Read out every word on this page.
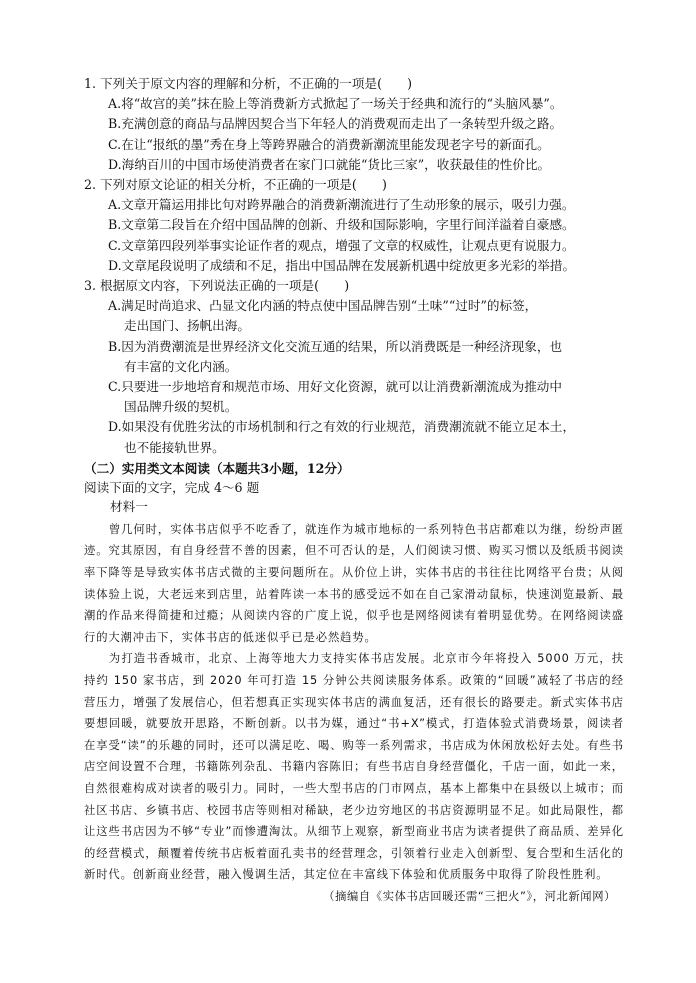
1. 下列关于原文内容的理解和分析，不正确的一项是(　　)
A.将“故宫的美”抹在脸上等消费新方式掀起了一场关于经典和流行的“头脑风暴”。
B.充满创意的商品与品牌因契合当下年轻人的消费观而走出了一条转型升级之路。
C.在让“报纸的墨”秀在身上等跨界融合的消费新潮流里能发现老字号的新面孔。
D.海纳百川的中国市场使消费者在家门口就能“货比三家”，收获最佳的性价比。
2. 下列对原文论证的相关分析，不正确的一项是(　　)
A.文章开篇运用排比句对跨界融合的消费新潮流进行了生动形象的展示，吸引力强。
B.文章第二段旨在介绍中国品牌的创新、升级和国际影响，字里行间洋溢着自豪感。
C.文章第四段列举事实论证作者的观点，增强了文章的权威性，让观点更有说服力。
D.文章尾段说明了成绩和不足，指出中国品牌在发展新机遇中绽放更多光彩的举措。
3. 根据原文内容，下列说法正确的一项是(　　)
A.满足时尚追求、凸显文化内涵的特点使中国品牌告别“土味”“过时”的标签，
走出国门、扬帆出海。
B.因为消费潮流是世界经济文化交流互通的结果，所以消费既是一种经济现象，也
有丰富的文化内涵。
C.只要进一步地培育和规范市场、用好文化资源，就可以让消费新潮流成为推动中
国品牌升级的契机。
D.如果没有优胜劣汰的市场机制和行之有效的行业规范，消费潮流就不能立足本土，
也不能接轨世界。
（二）实用类文本阅读（本题共3小题，12分）
阅读下面的文字，完成 4～6 题
材料一
曾几何时，实体书店似乎不吃香了，就连作为城市地标的一系列特色书店都难以为继，纷纷声匿迹。究其原因，有自身经营不善的因素，但不可否认的是，人们阅读习惯、购买习惯以及纸质书阅读率下降等是导致实体书店式微的主要问题所在。从价位上讲，实体书店的书往往比网络平台贵；从阅读体验上说，大老远来到店里，站着阵读一本书的感受远不如在自己家滑动鼠标，快速浏览最新、最潮的作品来得简捷和过瘾；从阅读内容的广度上说，似乎也是网络阅读有着明显优势。在网络阅读盛行的大潮冲击下，实体书店的低迷似乎已是必然趋势。
为打造书香城市，北京、上海等地大力支持实体书店发展。北京市今年将投入 5000 万元，扶持约 150 家书店，到 2020 年可打造 15 分钟公共阅读服务体系。政策的“回暖”减轻了书店的经营压力，增强了发展信心，但若想真正实现实体书店的满血复活，还有很长的路要走。新式实体书店要想回暖，就要放开思路，不断创新。以书为媒，通过“书+X”模式，打造体验式消费场景，阅读者在享受“读”的乐趣的同时，还可以满足吃、喝、购等一系列需求，书店成为休闲放松好去处。有些书店空间设置不合理，书籍陈列杂乱、书籍内容陈旧；有些书店自身经营僵化，千店一面，如此一来，自然很难构成对读者的吸引力。同时，一些大型书店的门市网点，基本上都集中在县级以上城市；而社区书店、乡镇书店、校园书店等则相对稀缺，老少边穷地区的书店资源明显不足。如此局限性，都让这些书店因为不够“专业”而惨遭淘汰。从细节上观察，新型商业书店为读者提供了商品质、差异化的经营模式，颠覆着传统书店板着面孔卖书的经营理念，引领着行业走入创新型、复合型和生活化的新时代。创新商业经营，融入慢调生活，其定位在丰富线下体验和优质服务中取得了阶段性胜利。
（摘编自《实体书店回暖还需“三把火”》，河北新闻网）
